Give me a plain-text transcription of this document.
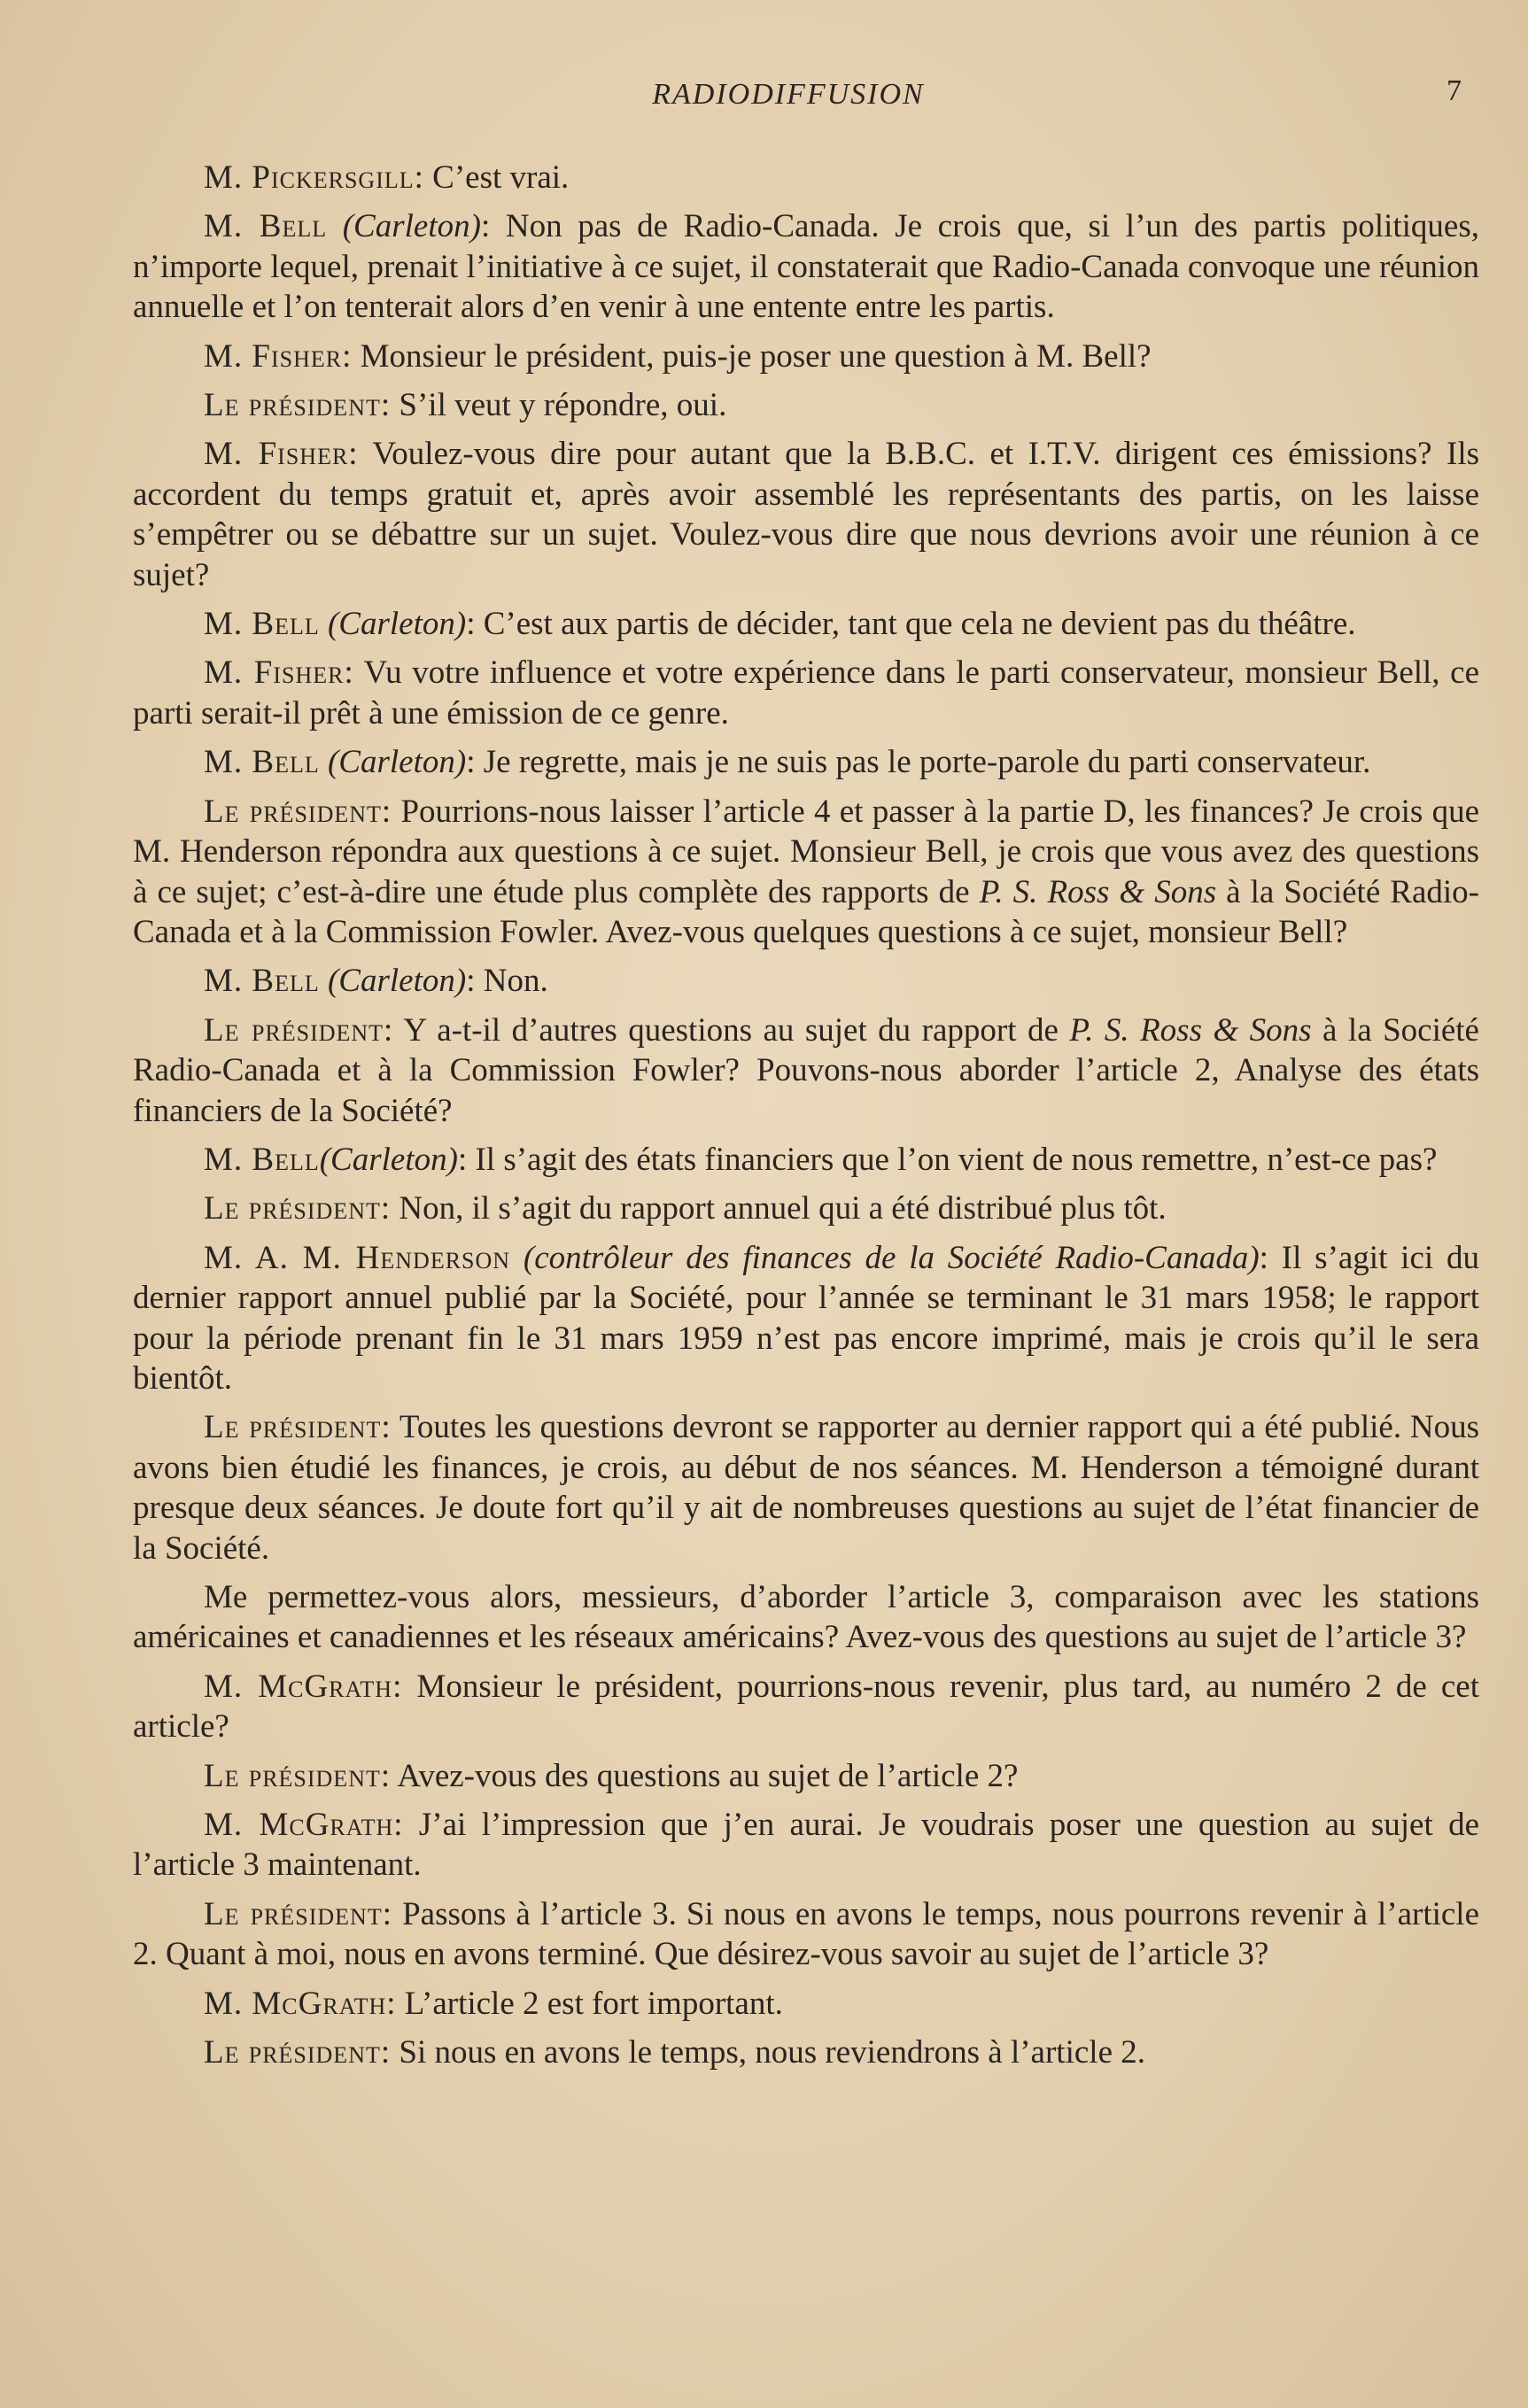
RADIODIFFUSION	7

M. Pickersgill: C’est vrai.

M. Bell (Carleton): Non pas de Radio-Canada. Je crois que, si l’un des partis politiques, n’importe lequel, prenait l’initiative à ce sujet, il constaterait que Radio-Canada convoque une réunion annuelle et l’on tenterait alors d’en venir à une entente entre les partis.

M. Fisher: Monsieur le président, puis-je poser une question à M. Bell?

Le président: S’il veut y répondre, oui.

M. Fisher: Voulez-vous dire pour autant que la B.B.C. et I.T.V. dirigent ces émissions? Ils accordent du temps gratuit et, après avoir assemblé les représentants des partis, on les laisse s’empêtrer ou se débattre sur un sujet. Voulez-vous dire que nous devrions avoir une réunion à ce sujet?

M. Bell (Carleton): C’est aux partis de décider, tant que cela ne devient pas du théâtre.

M. Fisher: Vu votre influence et votre expérience dans le parti conservateur, monsieur Bell, ce parti serait-il prêt à une émission de ce genre.

M. Bell (Carleton): Je regrette, mais je ne suis pas le porte-parole du parti conservateur.

Le président: Pourrions-nous laisser l’article 4 et passer à la partie D, les finances? Je crois que M. Henderson répondra aux questions à ce sujet. Monsieur Bell, je crois que vous avez des questions à ce sujet; c’est-à-dire une étude plus complète des rapports de P. S. Ross & Sons à la Société Radio-Canada et à la Commission Fowler. Avez-vous quelques questions à ce sujet, monsieur Bell?

M. Bell (Carleton): Non.

Le président: Y a-t-il d’autres questions au sujet du rapport de P. S. Ross & Sons à la Société Radio-Canada et à la Commission Fowler? Pouvons-nous aborder l’article 2, Analyse des états financiers de la Société?

M. Bell(Carleton): Il s’agit des états financiers que l’on vient de nous remettre, n’est-ce pas?

Le président: Non, il s’agit du rapport annuel qui a été distribué plus tôt.

M. A. M. Henderson (contrôleur des finances de la Société Radio-Canada): Il s’agit ici du dernier rapport annuel publié par la Société, pour l’année se terminant le 31 mars 1958; le rapport pour la période prenant fin le 31 mars 1959 n’est pas encore imprimé, mais je crois qu’il le sera bientôt.

Le président: Toutes les questions devront se rapporter au dernier rapport qui a été publié. Nous avons bien étudié les finances, je crois, au début de nos séances. M. Henderson a témoigné durant presque deux séances. Je doute fort qu’il y ait de nombreuses questions au sujet de l’état financier de la Société.

Me permettez-vous alors, messieurs, d’aborder l’article 3, comparaison avec les stations américaines et canadiennes et les réseaux américains? Avez-vous des questions au sujet de l’article 3?

M. McGrath: Monsieur le président, pourrions-nous revenir, plus tard, au numéro 2 de cet article?

Le président: Avez-vous des questions au sujet de l’article 2?

M. McGrath: J’ai l’impression que j’en aurai. Je voudrais poser une question au sujet de l’article 3 maintenant.

Le président: Passons à l’article 3. Si nous en avons le temps, nous pourrons revenir à l’article 2. Quant à moi, nous en avons terminé. Que désirez-vous savoir au sujet de l’article 3?

M. McGrath: L’article 2 est fort important.

Le président: Si nous en avons le temps, nous reviendrons à l’article 2.
